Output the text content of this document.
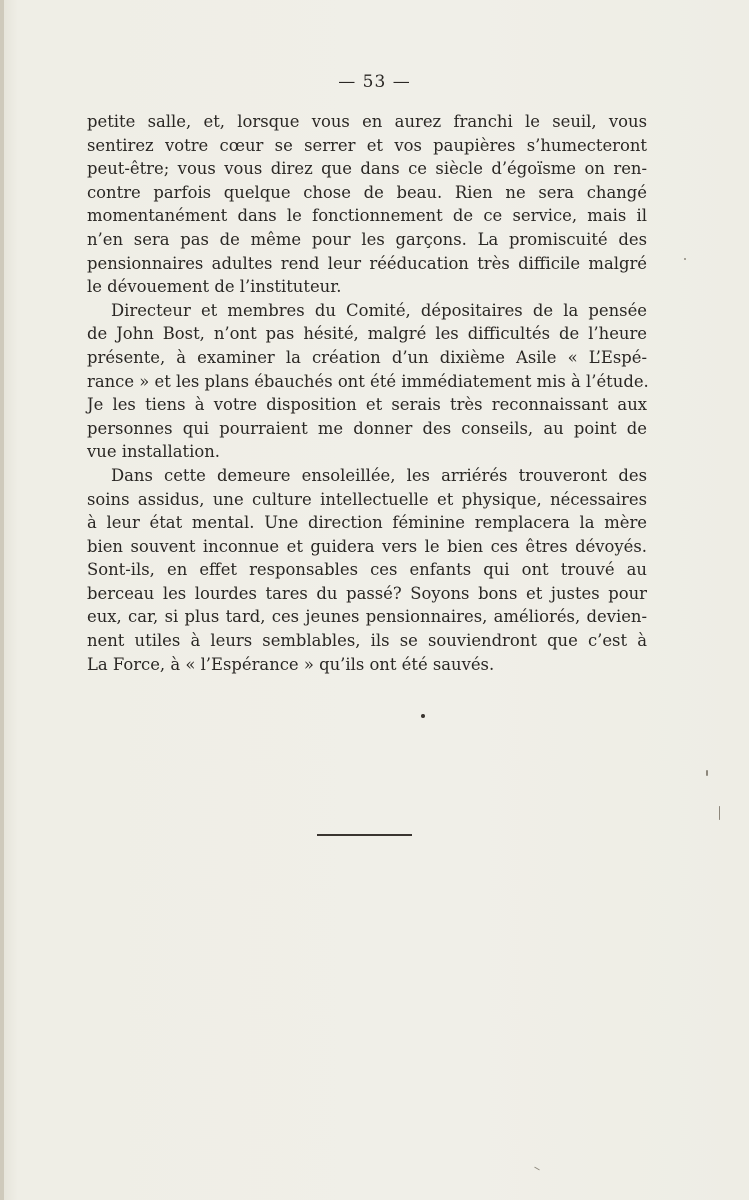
— 53 —
petite salle, et, lorsque vous en aurez franchi le seuil, vous
sentirez votre cœur se serrer et vos paupières s’humecteront
peut-être; vous vous direz que dans ce siècle d’égoïsme on ren-
contre parfois quelque chose de beau. Rien ne sera changé
momentanément dans le fonctionnement de ce service, mais il
n’en sera pas de même pour les garçons. La promiscuité des
pensionnaires adultes rend leur rééducation très difficile malgré
le dévouement de l’instituteur.
Directeur et membres du Comité, dépositaires de la pensée
de John Bost, n’ont pas hésité, malgré les difficultés de l’heure
présente, à examiner la création d’un dixième Asile « L’Espé-
rance » et les plans ébauchés ont été immédiatement mis à l’étude.
Je les tiens à votre disposition et serais très reconnaissant aux
personnes qui pourraient me donner des conseils, au point de
vue installation.
Dans cette demeure ensoleillée, les arriérés trouveront des
soins assidus, une culture intellectuelle et physique, nécessaires
à leur état mental. Une direction féminine remplacera la mère
bien souvent inconnue et guidera vers le bien ces êtres dévoyés.
Sont-ils, en effet responsables ces enfants qui ont trouvé au
berceau les lourdes tares du passé? Soyons bons et justes pour
eux, car, si plus tard, ces jeunes pensionnaires, améliorés, devien-
nent utiles à leurs semblables, ils se souviendront que c’est à
La Force, à « l’Espérance » qu’ils ont été sauvés.
